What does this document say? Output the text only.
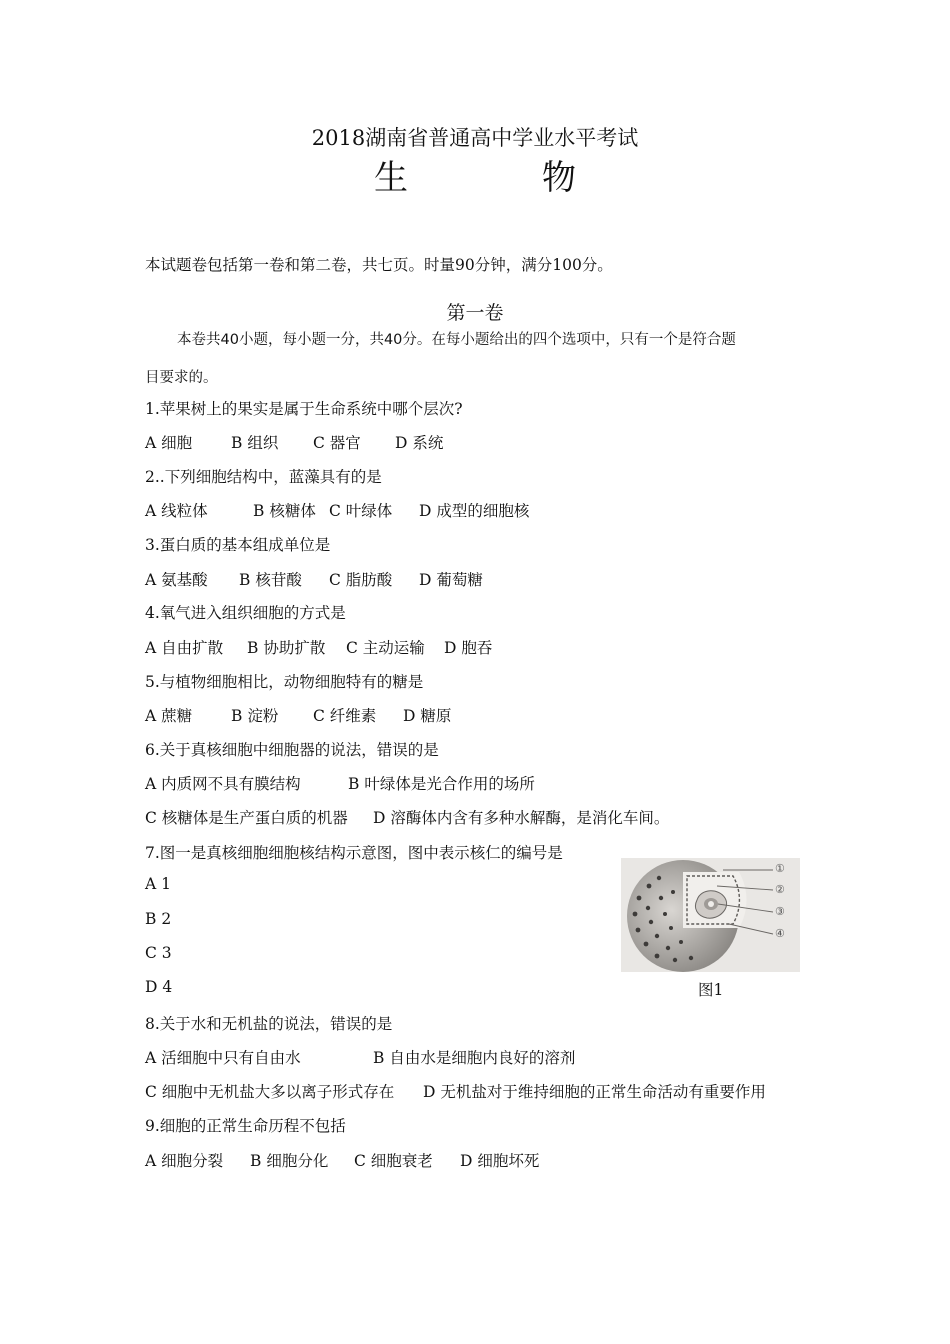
2018湖南省普通高中学业水平考试
生　物
本试题卷包括第一卷和第二卷，共七页。时量90分钟，满分100分。
第一卷
本卷共40小题，每小题一分，共40分。在每小题给出的四个选项中，只有一个是符合题
目要求的。
1.苹果树上的果实是属于生命系统中哪个层次?
A 细胞	B 组织 C 器官 D 系统
2..下列细胞结构中，蓝藻具有的是
A 线粒体	B 核糖体 C 叶绿体 D 成型的细胞核
3.蛋白质的基本组成单位是
A 氨基酸 B 核苷酸 C 脂肪酸 D 葡萄糖
4.氧气进入组织细胞的方式是
A 自由扩散 B 协助扩散 C 主动运输 D 胞吞
5.与植物细胞相比，动物细胞特有的糖是
A 蔗糖	B 淀粉 C 纤维素 D 糖原
6.关于真核细胞中细胞器的说法，错误的是
A 内质网不具有膜结构	B 叶绿体是光合作用的场所
C 核糖体是生产蛋白质的机器 D 溶酶体内含有多种水解酶，是消化车间。
7.图一是真核细胞细胞核结构示意图，图中表示核仁的编号是
A 1
B 2
C 3
D 4
①
②
③
④
图1
8.关于水和无机盐的说法，错误的是
A 活细胞中只有自由水	B 自由水是细胞内良好的溶剂
C 细胞中无机盐大多以离子形式存在 D 无机盐对于维持细胞的正常生命活动有重要作用
9.细胞的正常生命历程不包括
A 细胞分裂 B 细胞分化 C 细胞衰老 D 细胞坏死
